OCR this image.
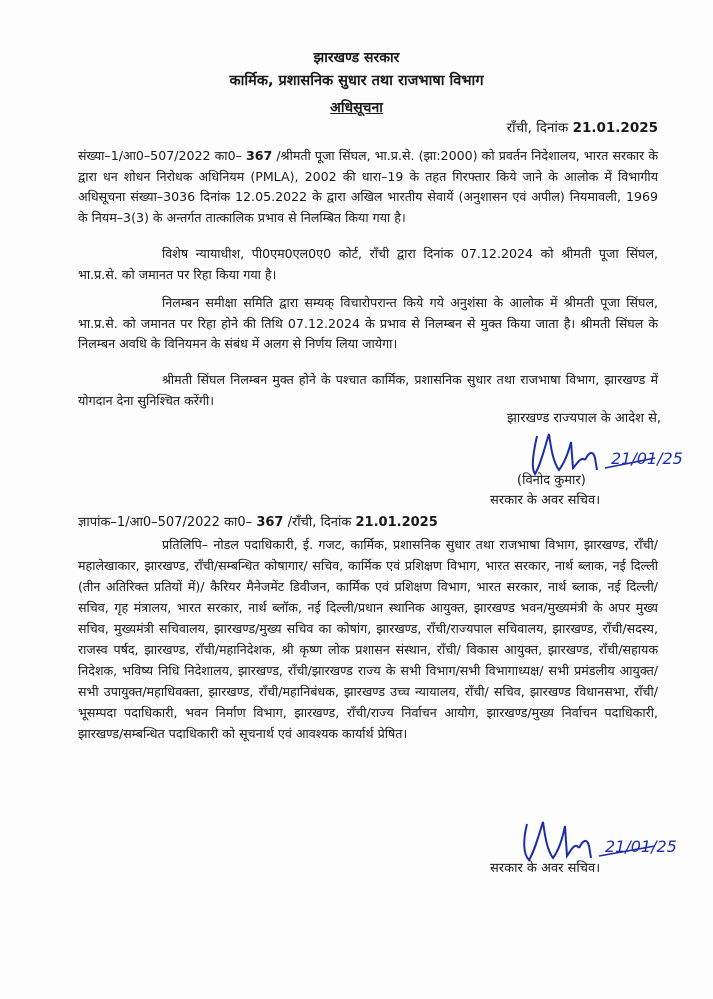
झारखण्ड सरकार
कार्मिक, प्रशासनिक सुधार तथा राजभाषा विभाग
अधिसूचना
राँची, दिनांक 21.01.2025

संख्या–1/आ0–507/2022 का0– 367 /श्रीमती पूजा सिंघल, भा.प्र.से. (झा:2000) को प्रवर्तन निदेशालय, भारत सरकार के द्वारा धन शोधन निरोधक अधिनियम (PMLA), 2002 की धारा–19 के तहत गिरफ्तार किये जाने के आलोक में विभागीय अधिसूचना संख्या–3036 दिनांक 12.05.2022 के द्वारा अखिल भारतीय सेवायें (अनुशासन एवं अपील) नियमावली, 1969 के नियम–3(3) के अन्तर्गत तात्कालिक प्रभाव से निलम्बित किया गया है।

विशेष न्यायाधीश, पी0एम0एल0ए0 कोर्ट, राँची द्वारा दिनांक 07.12.2024 को श्रीमती पूजा सिंघल, भा.प्र.से. को जमानत पर रिहा किया गया है।

निलम्बन समीक्षा समिति द्वारा सम्यक् विचारोपरान्त किये गये अनुशंसा के आलोक में श्रीमती पूजा सिंघल, भा.प्र.से. को जमानत पर रिहा होने की तिथि 07.12.2024 के प्रभाव से निलम्बन से मुक्त किया जाता है। श्रीमती सिंघल के निलम्बन अवधि के विनियमन के संबंध में अलग से निर्णय लिया जायेगा।

श्रीमती सिंघल निलम्बन मुक्त होने के पश्चात कार्मिक, प्रशासनिक सुधार तथा राजभाषा विभाग, झारखण्ड में योगदान देना सुनिश्चित करेंगी।

झारखण्ड राज्यपाल के आदेश से,
21/01/25
(विनोद कुमार)
सरकार के अवर सचिव।
ज्ञापांक–1/आ0–507/2022 का0– 367 /राँची, दिनांक 21.01.2025

प्रतिलिपि– नोडल पदाधिकारी, ई. गजट, कार्मिक, प्रशासनिक सुधार तथा राजभाषा विभाग, झारखण्ड, राँची/महालेखाकार, झारखण्ड, राँची/सम्बन्धित कोषागार/ सचिव, कार्मिक एवं प्रशिक्षण विभाग, भारत सरकार, नार्थ ब्लाक, नई दिल्ली (तीन अतिरिक्त प्रतियों में)/ कैरियर मैनेजमेंट डिवीजन, कार्मिक एवं प्रशिक्षण विभाग, भारत सरकार, नार्थ ब्लाक, नई दिल्ली/सचिव, गृह मंत्रालय, भारत सरकार, नार्थ ब्लॉक, नई दिल्ली/प्रधान स्थानिक आयुक्त, झारखण्ड भवन/मुख्यमंत्री के अपर मुख्य सचिव, मुख्यमंत्री सचिवालय, झारखण्ड/मुख्य सचिव का कोषांग, झारखण्ड, राँची/राज्यपाल सचिवालय, झारखण्ड, राँची/सदस्य, राजस्व पर्षद, झारखण्ड, राँची/महानिदेशक, श्री कृष्ण लोक प्रशासन संस्थान, राँची/ विकास आयुक्त, झारखण्ड, राँची/सहायक निदेशक, भविष्य निधि निदेशालय, झारखण्ड, राँची/झारखण्ड राज्य के सभी विभाग/सभी विभागाध्यक्ष/ सभी प्रमंडलीय आयुक्त/सभी उपायुक्त/महाधिवक्ता, झारखण्ड, राँची/महानिबंधक, झारखण्ड उच्च न्यायालय, राँची/ सचिव, झारखण्ड विधानसभा, राँची/ भूसम्पदा पदाधिकारी, भवन निर्माण विभाग, झारखण्ड, राँची/राज्य निर्वाचन आयोग, झारखण्ड/मुख्य निर्वाचन पदाधिकारी, झारखण्ड/सम्बन्धित पदाधिकारी को सूचनार्थ एवं आवश्यक कार्यार्थ प्रेषित।

21/01/25
सरकार के अवर सचिव।
